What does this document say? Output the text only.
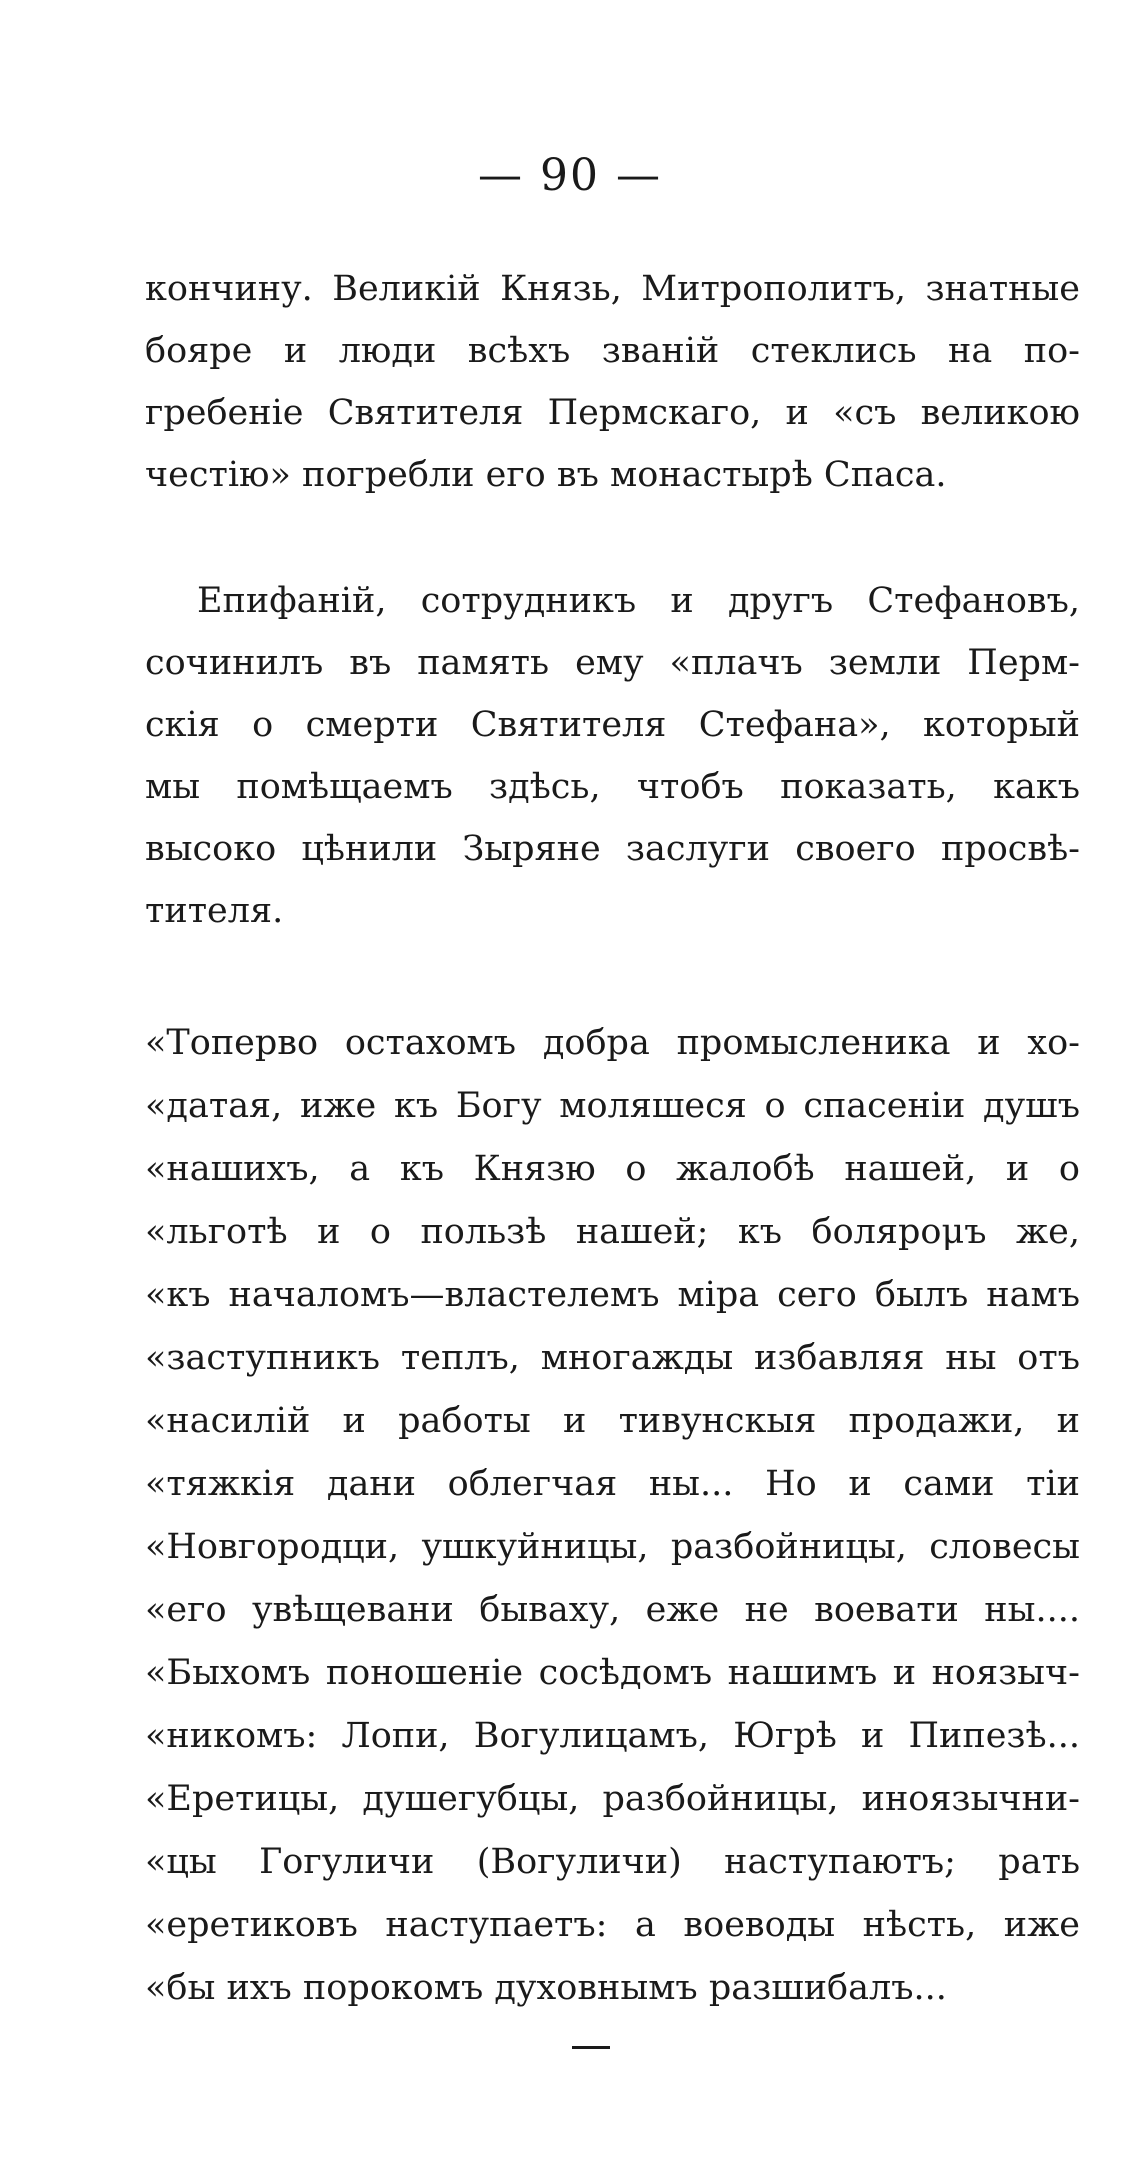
— 90 —
кончину. Великій Князь, Митрополитъ, знатные
бояре и люди всѣхъ званій стеклись на по-
гребеніе Святителя Пермскаго, и «съ великою
честію» погребли его въ монастырѣ Спаса.
Епифаній, сотрудникъ и другъ Стефановъ,
сочинилъ въ память ему «плачъ земли Перм-
скія о смерти Святителя Стефана», который
мы помѣщаемъ здѣсь, чтобъ показать, какъ
высоко цѣнили Зыряне заслуги своего просвѣ-
тителя.
«Топерво остахомъ добра промысленика и хо-
«датая, иже къ Богу моляшеся о спасеніи душъ
«нашихъ, а къ Князю о жалобѣ нашей, и о
«льготѣ и о пользѣ нашей; къ болярομъ же,
«къ началомъ—властелемъ міра сего былъ намъ
«заступникъ теплъ, многажды избавляя ны отъ
«насилій и работы и тивунскыя продажи, и
«тяжкія дани облегчая ны... Но и сами тіи
«Новгородци, ушкуйницы, разбойницы, словесы
«его увѣщевани бываху, еже не воевати ны....
«Быхомъ поношеніе сосѣдомъ нашимъ и ноязыч-
«никомъ: Лопи, Вогулицамъ, Югрѣ и Пипезѣ...
«Еретицы, душегубцы, разбойницы, иноязычни-
«цы Гогуличи (Вогуличи) наступаютъ; рать
«еретиковъ наступаетъ: а воеводы нѣсть, иже
«бы ихъ порокомъ духовнымъ разшибалъ...
